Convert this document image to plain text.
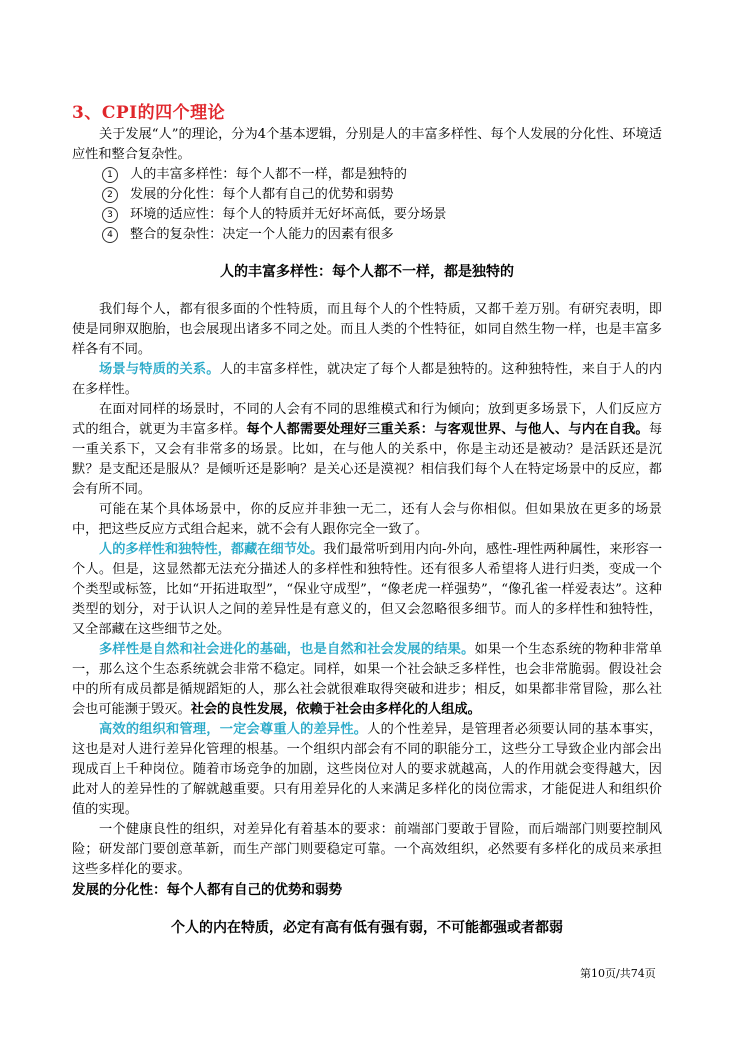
3、CPI的四个理论

关于发展“人”的理论，分为4个基本逻辑，分别是人的丰富多样性、每个人发展的分化性、环境适应性和整合复杂性。

1	人的丰富多样性：每个人都不一样，都是独特的
2	发展的分化性：每个人都有自己的优势和弱势
3	环境的适应性：每个人的特质并无好坏高低，要分场景
4	整合的复杂性：决定一个人能力的因素有很多

人的丰富多样性：每个人都不一样，都是独特的

我们每个人，都有很多面的个性特质，而且每个人的个性特质，又都千差万别。有研究表明，即使是同卵双胞胎，也会展现出诸多不同之处。而且人类的个性特征，如同自然生物一样，也是丰富多样各有不同。

场景与特质的关系。人的丰富多样性，就决定了每个人都是独特的。这种独特性，来自于人的内在多样性。

在面对同样的场景时，不同的人会有不同的思维模式和行为倾向；放到更多场景下，人们反应方式的组合，就更为丰富多样。每个人都需要处理好三重关系：与客观世界、与他人、与内在自我。每一重关系下，又会有非常多的场景。比如，在与他人的关系中，你是主动还是被动？是活跃还是沉默？是支配还是服从？是倾听还是影响？是关心还是漠视？相信我们每个人在特定场景中的反应，都会有所不同。

可能在某个具体场景中，你的反应并非独一无二，还有人会与你相似。但如果放在更多的场景中，把这些反应方式组合起来，就不会有人跟你完全一致了。

人的多样性和独特性，都藏在细节处。我们最常听到用内向-外向，感性-理性两种属性，来形容一个人。但是，这显然都无法充分描述人的多样性和独特性。还有很多人希望将人进行归类，变成一个个类型或标签，比如“开拓进取型”，“保业守成型”，“像老虎一样强势”，“像孔雀一样爱表达”。这种类型的划分，对于认识人之间的差异性是有意义的，但又会忽略很多细节。而人的多样性和独特性，又全部藏在这些细节之处。

多样性是自然和社会进化的基础，也是自然和社会发展的结果。如果一个生态系统的物种非常单一，那么这个生态系统就会非常不稳定。同样，如果一个社会缺乏多样性，也会非常脆弱。假设社会中的所有成员都是循规蹈矩的人，那么社会就很难取得突破和进步；相反，如果都非常冒险，那么社会也可能濒于毁灭。社会的良性发展，依赖于社会由多样化的人组成。

高效的组织和管理，一定会尊重人的差异性。人的个性差异，是管理者必须要认同的基本事实，这也是对人进行差异化管理的根基。一个组织内部会有不同的职能分工，这些分工导致企业内部会出现成百上千种岗位。随着市场竞争的加剧，这些岗位对人的要求就越高，人的作用就会变得越大，因此对人的差异性的了解就越重要。只有用差异化的人来满足多样化的岗位需求，才能促进人和组织价值的实现。

一个健康良性的组织，对差异化有着基本的要求：前端部门要敢于冒险，而后端部门则要控制风险；研发部门要创意革新，而生产部门则要稳定可靠。一个高效组织，必然要有多样化的成员来承担这些多样化的要求。

发展的分化性：每个人都有自己的优势和弱势

个人的内在特质，必定有高有低有强有弱，不可能都强或者都弱

第10页/共74页
